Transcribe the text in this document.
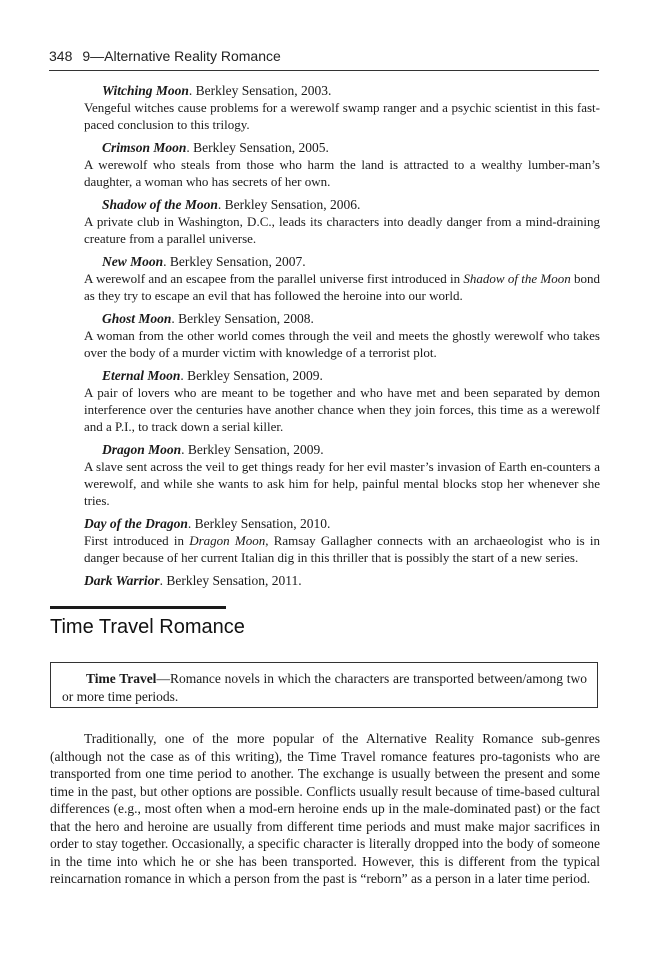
348 9—Alternative Reality Romance
Witching Moon. Berkley Sensation, 2003.
Vengeful witches cause problems for a werewolf swamp ranger and a psychic scientist in this fast-paced conclusion to this trilogy.
Crimson Moon. Berkley Sensation, 2005.
A werewolf who steals from those who harm the land is attracted to a wealthy lumber-man’s daughter, a woman who has secrets of her own.
Shadow of the Moon. Berkley Sensation, 2006.
A private club in Washington, D.C., leads its characters into deadly danger from a mind-draining creature from a parallel universe.
New Moon. Berkley Sensation, 2007.
A werewolf and an escapee from the parallel universe first introduced in Shadow of the Moon bond as they try to escape an evil that has followed the heroine into our world.
Ghost Moon. Berkley Sensation, 2008.
A woman from the other world comes through the veil and meets the ghostly werewolf who takes over the body of a murder victim with knowledge of a terrorist plot.
Eternal Moon. Berkley Sensation, 2009.
A pair of lovers who are meant to be together and who have met and been separated by demon interference over the centuries have another chance when they join forces, this time as a werewolf and a P.I., to track down a serial killer.
Dragon Moon. Berkley Sensation, 2009.
A slave sent across the veil to get things ready for her evil master’s invasion of Earth en-counters a werewolf, and while she wants to ask him for help, painful mental blocks stop her whenever she tries.
Day of the Dragon. Berkley Sensation, 2010.
First introduced in Dragon Moon, Ramsay Gallagher connects with an archaeologist who is in danger because of her current Italian dig in this thriller that is possibly the start of a new series.
Dark Warrior. Berkley Sensation, 2011.
Time Travel Romance
Time Travel—Romance novels in which the characters are transported between/among two or more time periods.
Traditionally, one of the more popular of the Alternative Reality Romance sub-genres (although not the case as of this writing), the Time Travel romance features pro-tagonists who are transported from one time period to another. The exchange is usually between the present and some time in the past, but other options are possible. Conflicts usually result because of time-based cultural differences (e.g., most often when a mod-ern heroine ends up in the male-dominated past) or the fact that the hero and heroine are usually from different time periods and must make major sacrifices in order to stay together. Occasionally, a specific character is literally dropped into the body of someone in the time into which he or she has been transported. However, this is different from the typical reincarnation romance in which a person from the past is “reborn” as a person in a later time period.
